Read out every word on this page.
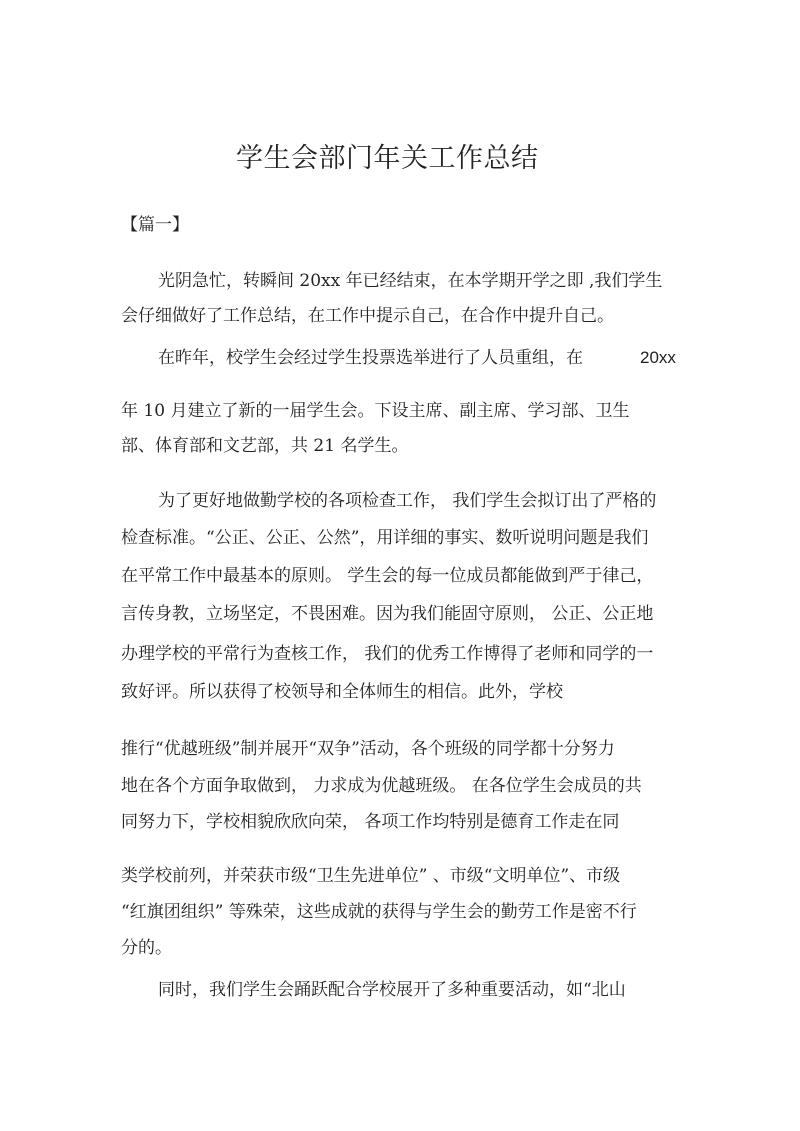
学生会部门年关工作总结
【篇一】
光阴急忙，转瞬间 20xx 年已经结束，在本学期开学之即 ,我们学生
会仔细做好了工作总结，在工作中提示自己，在合作中提升自己。
在昨年，校学生会经过学生投票选举进行了人员重组，在	20xx
年 10 月建立了新的一届学生会。下设主席、副主席、学习部、卫生
部、体育部和文艺部，共 21 名学生。
为了更好地做勤学校的各项检查工作， 我们学生会拟订出了严格的
检查标准。“公正、公正、公然”，用详细的事实、数听说明问题是我们
在平常工作中最基本的原则。 学生会的每一位成员都能做到严于律己，
言传身教，立场坚定，不畏困难。因为我们能固守原则， 公正、公正地
办理学校的平常行为查核工作， 我们的优秀工作博得了老师和同学的一
致好评。所以获得了校领导和全体师生的相信。此外，学校
推行“优越班级”制并展开“双争”活动，各个班级的同学都十分努力
地在各个方面争取做到， 力求成为优越班级。 在各位学生会成员的共
同努力下，学校相貌欣欣向荣， 各项工作均特别是德育工作走在同
类学校前列，并荣获市级“卫生先进单位” 、市级“文明单位”、市级
“红旗团组织” 等殊荣，这些成就的获得与学生会的勤劳工作是密不行
分的。
同时，我们学生会踊跃配合学校展开了多种重要活动，如“北山
